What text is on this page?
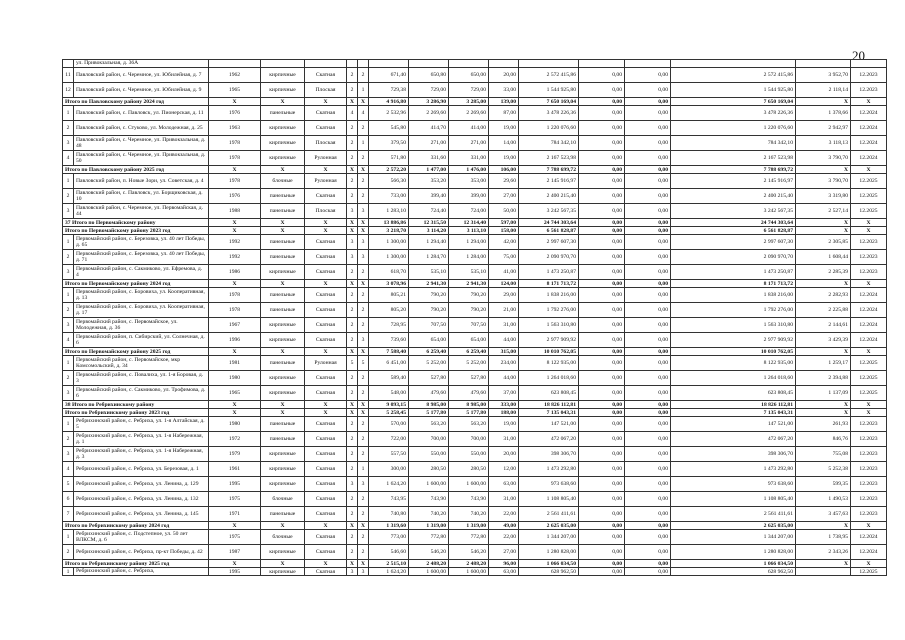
20
	ул. Привокзальная, д. 36А															
11	Павловский район, с. Черемное, ул. Юбилейная, д. 7	1962	кирпичные	Скатная	2	2	671,40	650,80	650,00	20,00	2 572 415,86	0,00	0,00	2 572 415,86	3 952,70	12.2023
12	Павловский район, с. Черемное, ул. Юбилейная, д. 9	1965	кирпичные	Плоская	2	1	729,38	729,00	729,00	33,00	1 544 925,80	0,00	0,00	1 544 925,80	2 118,14	12.2023
Итого по Павловскому району 2024 год		X	X	X	X	X	4 916,80	3 286,90	3 285,00	139,00	7 650 169,04	0,00	0,00	7 650 169,04	X	X
1	Павловский район, с. Павловск, ул. Пионерская, д. 11	1976	панельные	Скатная	4	4	2 532,96	2 269,60	2 269,60	87,00	3 478 226,36	0,00	0,00	3 478 226,36	1 378,66	12.2024
2	Павловский район, с. Стуково, ул. Молодежная, д. 25	1963	кирпичные	Скатная	2	2	545,80	414,70	414,00	19,00	1 220 076,60	0,00	0,00	1 220 076,60	2 942,97	12.2024
3	Павловский район, с. Черемное, ул. Привокзальная, д. 48	1978	кирпичные	Плоская	2	1	379,50	271,00	271,00	14,00	784 342,10	0,00	0,00	784 342,10	3 118,13	12.2024
4	Павловский район, с. Черемное, ул. Привокзальная, д. 50	1978	кирпичные	Рулонная	2	2	571,80	331,60	331,00	19,00	2 167 523,98	0,00	0,00	2 167 523,98	3 790,70	12.2024
Итого по Павловскому району 2025 год		X	X	X	X	X	2 572,20	1 477,00	1 476,00	106,00	7 788 699,72	0,00	0,00	7 788 699,72	X	X
1	Павловский район, п. Новые Зори, ул. Советская, д. 4	1978	блочные	Рулонная	2	2	566,30	353,20	353,00	29,60	2 145 916,97	0,00	0,00	2 145 916,97	3 790,70	12.2025
2	Павловский район, с. Павловск, ул. Борщиковская, д. 10	1976	панельные	Скатная	2	2	733,00	399,40	399,00	27,00	2 400 215,40	0,00	0,00	2 400 215,40	3 319,80	12.2025
3	Павловский район, с. Черемное, ул. Первомайская, д. 44	1988	панельные	Плоская	3	3	1 283,10	724,40	724,00	50,00	3 242 567,35	0,00	0,00	3 242 567,35	2 527,14	12.2025
37 Итого по Первомайскому району		X	X	X	X	X	13 886,86	12 315,50	12 314,40	597,00	24 744 303,64	0,00	0,00	24 744 303,64	X	X
Итого по Первомайскому району 2023 год		X	X	X	X	X	3 218,70	3 114,20	3 113,10	158,00	6 561 828,87	0,00	0,00	6 561 828,87	X	X
1	Первомайский район, с. Березовка, ул. 40 лет Победы, д. 65	1992	панельные	Скатная	3	3	1 300,00	1 294,40	1 294,00	42,00	2 997 607,30	0,00	0,00	2 997 607,30	2 305,85	12.2023
2	Первомайский район, с. Березовка, ул. 40 лет Победы, д. 71	1992	панельные	Скатная	3	3	1 300,00	1 284,70	1 284,00	75,00	2 090 970,70	0,00	0,00	2 090 970,70	1 608,44	12.2023
3	Первомайский район, с. Сакмиково, ул. Ефремова, д. 4	1986	кирпичные	Скатная	2	2	618,70	535,10	535,10	41,00	1 473 250,87	0,00	0,00	1 473 250,87	2 285,39	12.2023
Итого по Первомайскому району 2024 год		X	X	X	X	X	3 078,96	2 941,30	2 941,30	124,00	8 171 713,72	0,00	0,00	8 171 713,72	X	X
1	Первомайский район, с. Боровиха, ул. Кооперативная, д. 13	1978	панельные	Скатная	2	2	805,21	790,20	790,20	29,00	1 838 216,00	0,00	0,00	1 838 216,00	2 282,93	12.2024
2	Первомайский район, с. Боровиха, ул. Кооперативная, д. 17	1978	панельные	Скатная	2	2	805,20	790,20	790,20	21,00	1 792 276,00	0,00	0,00	1 792 276,00	2 225,88	12.2024
3	Первомайский район, с. Первомайское, ул. Молодежная, д. 36	1967	кирпичные	Скатная	2	2	728,95	707,50	707,50	31,00	1 563 310,80	0,00	0,00	1 563 310,80	2 144,61	12.2024
4	Первомайский район, п. Сибирский, ул. Солнечная, д. 6	1996	кирпичные	Скатная	2	3	739,60	654,00	654,00	44,00	2 977 909,92	0,00	0,00	2 977 909,92	3 429,39	12.2024
Итого по Первомайскому району 2025 год		X	X	X	X	X	7 588,40	6 259,40	6 259,40	315,00	10 010 762,05	0,00	0,00	10 010 762,05	X	X
1	Первомайский район, с. Первомайское, мкр Комсомольский, д. 34	1981	панельные	Рулонная	5	5	6 451,00	5 252,00	5 252,00	234,00	8 122 935,00	0,00	0,00	8 122 935,00	1 259,17	12.2025
2	Первомайский район, с. Повалиха, ул. 1-я Боровая, д. 3	1980	кирпичные	Скатная	2	2	589,40	527,80	527,80	44,00	1 264 018,60	0,00	0,00	1 264 018,60	2 394,88	12.2025
3	Первомайский район, с. Сакмиково, ул. Трофимова, д. 6	1965	кирпичные	Скатная	2	2	548,00	479,60	479,60	37,00	623 808,45	0,00	0,00	623 808,45	1 137,09	12.2025
38 Итого по Ребрихинскому району		X	X	X	X	X	9 093,15	8 985,00	8 985,00	333,00	18 826 112,81	0,00	0,00	18 826 112,81	X	X
Итого по Ребрихинскому району 2023 год		X	X	X	X	X	5 258,45	5 177,80	5 177,80	188,00	7 135 043,31	0,00	0,00	7 135 043,31	X	X
1	Ребрихинский район, с. Ребриха, ул. 1-я Алтайская, д. 5	1980	панельные	Скатная	2	2	570,00	563,20	563,20	19,00	147 521,00	0,00	0,00	147 521,00	261,93	12.2023
2	Ребрихинский район, с. Ребриха, ул. 1-я Набережная, д. 1	1972	панельные	Скатная	2	2	722,00	700,00	700,00	31,00	472 067,20	0,00	0,00	472 067,20	846,76	12.2023
3	Ребрихинский район, с. Ребриха, ул. 1-я Набережная, д. 3	1979	кирпичные	Скатная	2	2	557,50	550,00	550,00	20,00	398 306,70	0,00	0,00	398 306,70	755,08	12.2023
4	Ребрихинский район, с. Ребриха, ул. Березовая, д. 1	1961	кирпичные	Скатная	2	1	300,00	280,50	280,50	12,00	1 473 292,80	0,00	0,00	1 473 292,80	5 252,38	12.2023
5	Ребрихинский район, с. Ребриха, ул. Ленина, д. 129	1995	кирпичные	Скатная	3	3	1 624,20	1 600,00	1 600,00	63,00	973 638,60	0,00	0,00	973 638,60	599,35	12.2023
6	Ребрихинский район, с. Ребриха, ул. Ленина, д. 132	1975	блочные	Скатная	2	2	743,95	743,90	743,90	31,00	1 108 805,40	0,00	0,00	1 108 805,40	1 490,53	12.2023
7	Ребрихинский район, с. Ребриха, ул. Ленина, д. 145	1971	панельные	Скатная	2	2	740,80	740,20	740,20	22,00	2 561 411,61	0,00	0,00	2 561 411,61	3 457,63	12.2023
Итого по Ребрихинскому району 2024 год		X	X	X	X	X	1 319,60	1 319,00	1 319,00	49,00	2 625 035,00	0,00	0,00	2 625 035,00	X	X
1	Ребрихинский район, с. Подстепное, ул. 50 лет ВЛКСМ, д. 6	1975	блочные	Скатная	2	2	773,00	772,80	772,80	22,00	1 344 207,00	0,00	0,00	1 344 207,00	1 738,95	12.2024
2	Ребрихинский район, с. Ребриха, пр-кт Победы, д. 42	1987	кирпичные	Скатная	2	2	546,60	546,20	546,20	27,00	1 280 828,00	0,00	0,00	1 280 828,00	2 343,26	12.2024
Итого по Ребрихинскому району 2025 год		X	X	X	X	X	2 515,10	2 488,20	2 488,20	96,00	1 066 034,50	0,00	0,00	1 066 034,50	X	X
1	Ребрихинский район, с. Ребриха,	1995	кирпичные	Скатная	3	3	1 624,20	1 600,00	1 600,00	63,00	628 962,50	0,00	0,00	628 962,50		12.2025
